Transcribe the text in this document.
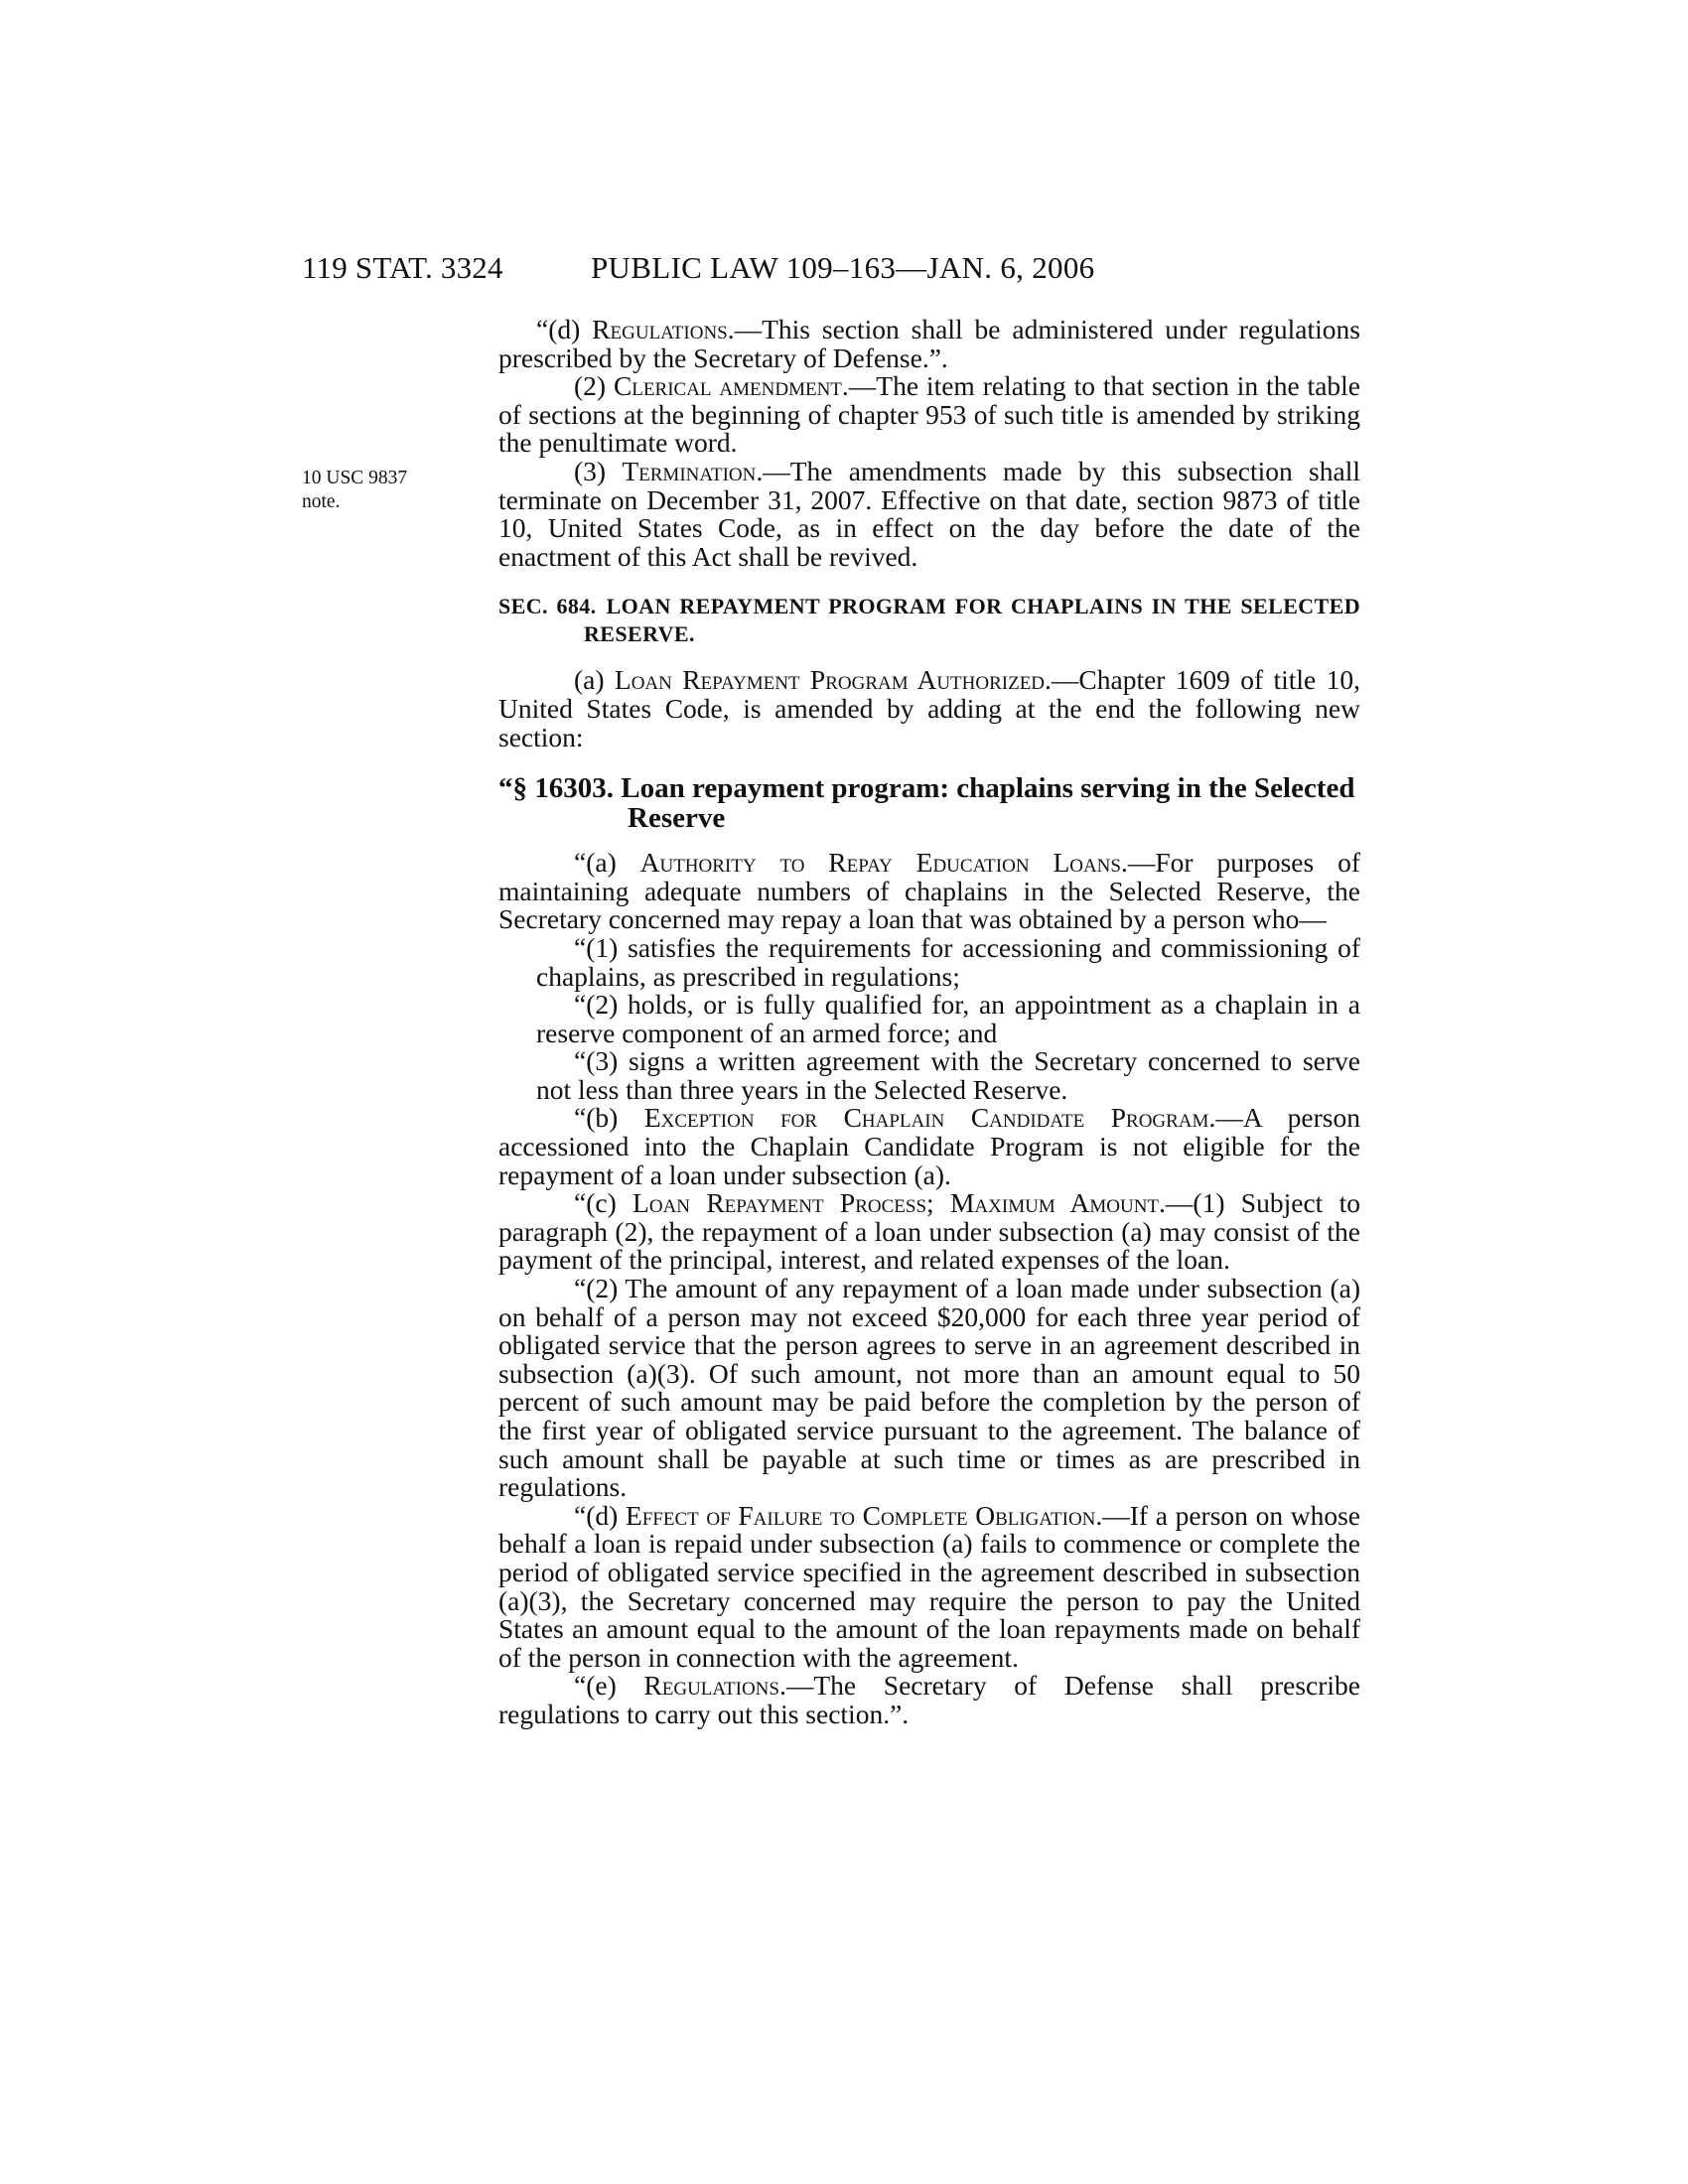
119 STAT. 3324	PUBLIC LAW 109–163—JAN. 6, 2006
10 USC 9837
note.

“(d) Regulations.—This section shall be administered under regulations prescribed by the Secretary of Defense.”.

(2) Clerical amendment.—The item relating to that section in the table of sections at the beginning of chapter 953 of such title is amended by striking the penultimate word.

(3) Termination.—The amendments made by this subsection shall terminate on December 31, 2007. Effective on that date, section 9873 of title 10, United States Code, as in effect on the day before the date of the enactment of this Act shall be revived.

SEC. 684. LOAN REPAYMENT PROGRAM FOR CHAPLAINS IN THE SELECTED RESERVE.

(a) Loan Repayment Program Authorized.—Chapter 1609 of title 10, United States Code, is amended by adding at the end the following new section:

“§ 16303. Loan repayment program: chaplains serving in the Selected Reserve

“(a) Authority to Repay Education Loans.—For purposes of maintaining adequate numbers of chaplains in the Selected Reserve, the Secretary concerned may repay a loan that was obtained by a person who—

“(1) satisfies the requirements for accessioning and commissioning of chaplains, as prescribed in regulations;

“(2) holds, or is fully qualified for, an appointment as a chaplain in a reserve component of an armed force; and

“(3) signs a written agreement with the Secretary concerned to serve not less than three years in the Selected Reserve.

“(b) Exception for Chaplain Candidate Program.—A person accessioned into the Chaplain Candidate Program is not eligible for the repayment of a loan under subsection (a).

“(c) Loan Repayment Process; Maximum Amount.—(1) Subject to paragraph (2), the repayment of a loan under subsection (a) may consist of the payment of the principal, interest, and related expenses of the loan.

“(2) The amount of any repayment of a loan made under subsection (a) on behalf of a person may not exceed $20,000 for each three year period of obligated service that the person agrees to serve in an agreement described in subsection (a)(3). Of such amount, not more than an amount equal to 50 percent of such amount may be paid before the completion by the person of the first year of obligated service pursuant to the agreement. The balance of such amount shall be payable at such time or times as are prescribed in regulations.

“(d) Effect of Failure to Complete Obligation.—If a person on whose behalf a loan is repaid under subsection (a) fails to commence or complete the period of obligated service specified in the agreement described in subsection (a)(3), the Secretary concerned may require the person to pay the United States an amount equal to the amount of the loan repayments made on behalf of the person in connection with the agreement.

“(e) Regulations.—The Secretary of Defense shall prescribe regulations to carry out this section.”.
